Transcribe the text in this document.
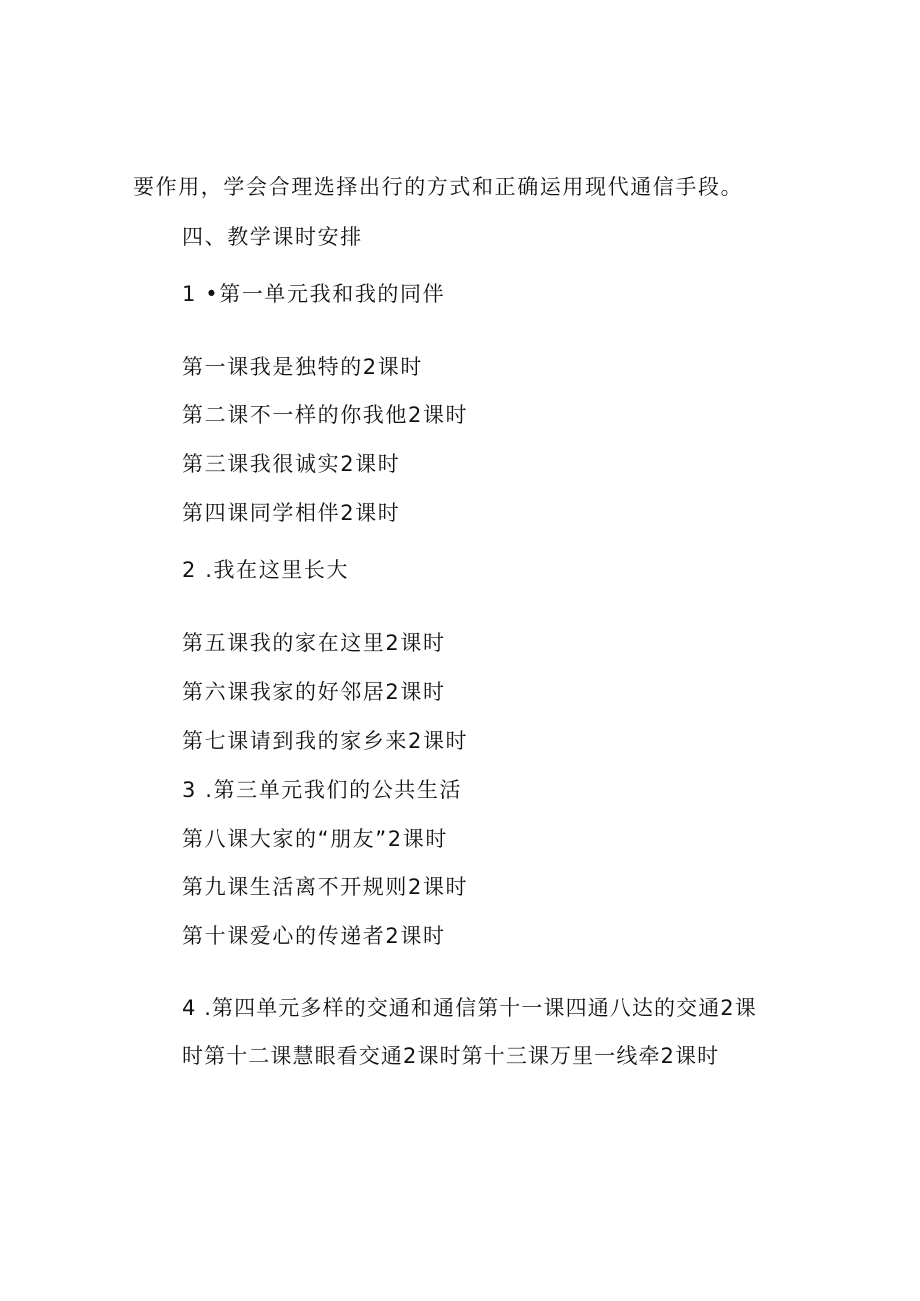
要作用，学会合理选择出行的方式和正确运用现代通信手段。
四、教学课时安排
1 •第一单元我和我的同伴
第一课我是独特的2课时
第二课不一样的你我他2课时
第三课我很诚实2课时
第四课同学相伴2课时
2 .我在这里长大
第五课我的家在这里2课时
第六课我家的好邻居2课时
第七课请到我的家乡来2课时
3 .第三单元我们的公共生活
第八课大家的“朋友”2课时
第九课生活离不开规则2课时
第十课爱心的传递者2课时
4 .第四单元多样的交通和通信第十一课四通八达的交通2课
时第十二课慧眼看交通2课时第十三课万里一线牵2课时
